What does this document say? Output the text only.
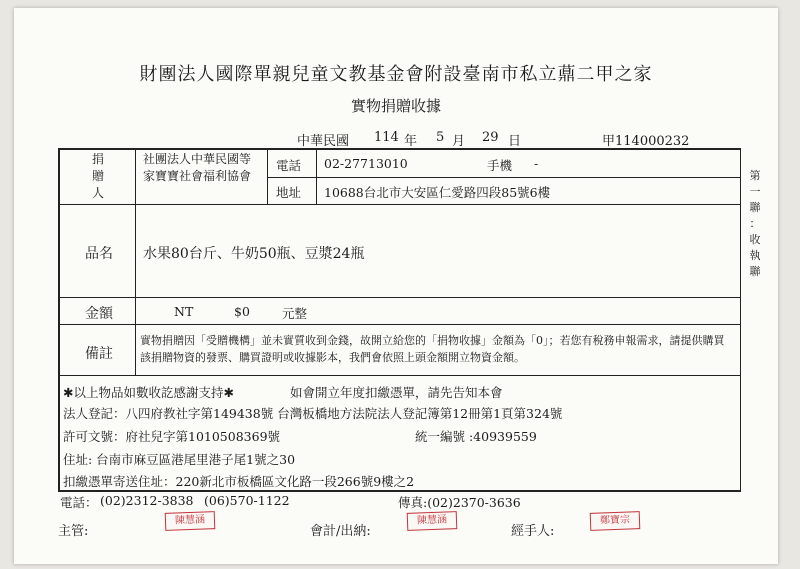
財團法人國際單親兒童文教基金會附設臺南市私立薡二甲之家
實物捐贈收據
中華民國 114 年 5 月 29 日	甲114000232
捐
贈
人
社團法人中華民國等家寶寶社會福利協會
電話 02-27713010	手機 -
地址 10688台北市大安區仁愛路四段85號6樓
品名 水果80台斤、牛奶50瓶、豆漿24瓶
金額	NT	$0	元整
備註
實物捐贈因「受贈機構」並未實質收到金錢，故開立給您的「捐物收據」金額為「0」；若您有稅務申報需求，請提供購買該捐贈物資的發票、購買證明或收據影本，我們會依照上頭金額開立物資金額。
✱以上物品如數收訖感謝支持✱	如會開立年度扣繳憑單，請先告知本會
法人登記：八四府教社字第149438號 台灣板橋地方法院法人登記簿第12冊第1頁第324號
許可文號：府社兒字第1010508369號	統一編號 :40939559
住址: 台南市麻豆區港尾里港子尾1號之30
扣繳憑單寄送住址：220新北市板橋區文化路一段266號9樓之2
電話： (02)2312-3838 (06)570-1122	傳真:(02)2370-3636
主管:
陳慧涵
會計/出納:
陳慧涵
經手人:
鄭寶宗
第
一
聯
：
收
執
聯
